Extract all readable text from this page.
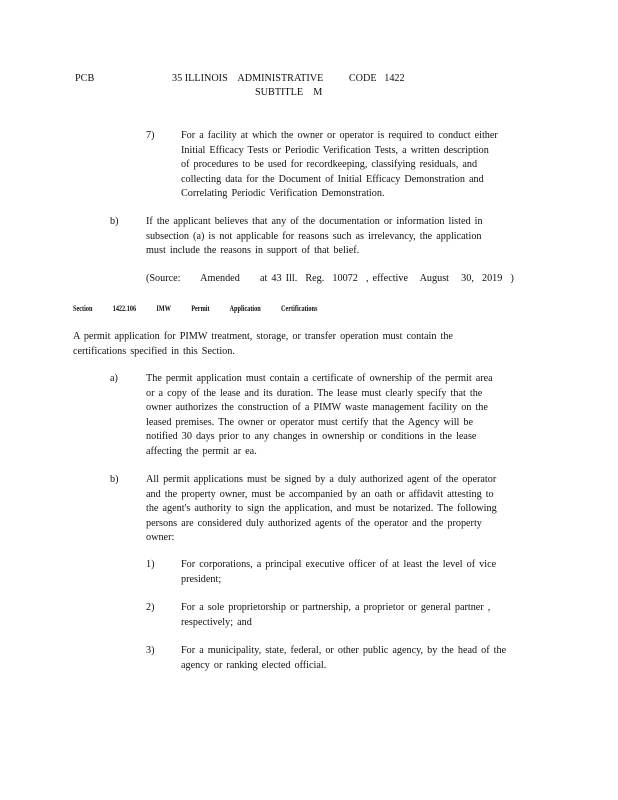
PCB	35 ILLINOIS    ADMINISTRATIVE          CODE   1422
SUBTITLE    M
7)	For a facility at which the owner or operator is required to conduct either
Initial Efficacy Tests or Periodic Verification Tests, a written description
of procedures to be used for recordkeeping, classifying residuals, and
collecting data for the Document of Initial Efficacy Demonstration and
Correlating Periodic Verification Demonstration.
b)	If the applicant believes that any of the documentation or information listed in
subsection (a) is not applicable for reasons such as irrelevancy, the application
must include the reasons in support of that belief.
(Source:     Amended     at 43 Ill.  Reg.  10072  , effective   August   30,  2019  )
Section	1422.106	IMW	Permit Application	Certifications
A permit application for PIMW treatment, storage, or transfer operation must contain the
certifications specified in this Section.
a)	The permit application must contain a certificate of ownership of the permit area
or a copy of the lease and its duration. The lease must clearly specify that the
owner authorizes the construction of a PIMW waste management facility on the
leased premises. The owner or operator must certify that the Agency will be
notified 30 days prior to any changes in ownership or conditions in the lease
affecting the permit ar ea.
b)	All permit applications must be signed by a duly authorized agent of the operator
and the property owner, must be accompanied by an oath or affidavit attesting to
the agent's authority to sign the application, and must be notarized. The following
persons are considered duly authorized agents of the operator and the property
owner:
1)	For corporations, a principal executive officer of at least the level of vice
president;
2)	For a sole proprietorship or partnership, a proprietor or general partner ,
respectively; and
3)	For a municipality, state, federal, or other public agency, by the head of the
agency or ranking elected official.
